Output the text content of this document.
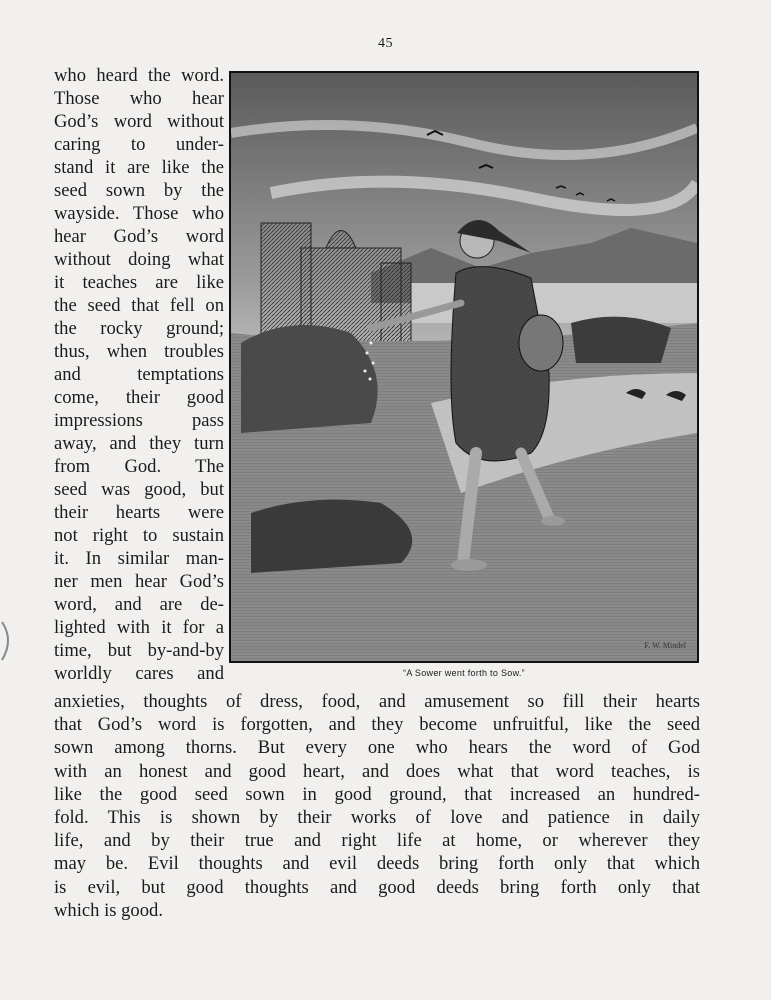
45
who heard the word.
Those who hear
God’s word without
caring to under-
stand it are like the
seed sown by the
wayside. Those who
hear God’s word
without doing what
it teaches are like
the seed that fell on
the rocky ground;
thus, when troubles
and temptations
come, their good
impressions pass
away, and they turn
from God. The
seed was good, but
their hearts were
not right to sustain
it. In similar man-
ner men hear God’s
word, and are de-
lighted with it for a
time, but by-and-by
worldly cares and
F. W. Mindel
“A Sower went forth to Sow.”
anxieties, thoughts of dress, food, and amusement so fill their hearts
that God’s word is forgotten, and they become unfruitful, like the seed
sown among thorns. But every one who hears the word of God
with an honest and good heart, and does what that word teaches, is
like the good seed sown in good ground, that increased an hundred-
fold. This is shown by their works of love and patience in daily
life, and by their true and right life at home, or wherever they
may be. Evil thoughts and evil deeds bring forth only that which
is evil, but good thoughts and good deeds bring forth only that
which is good.
